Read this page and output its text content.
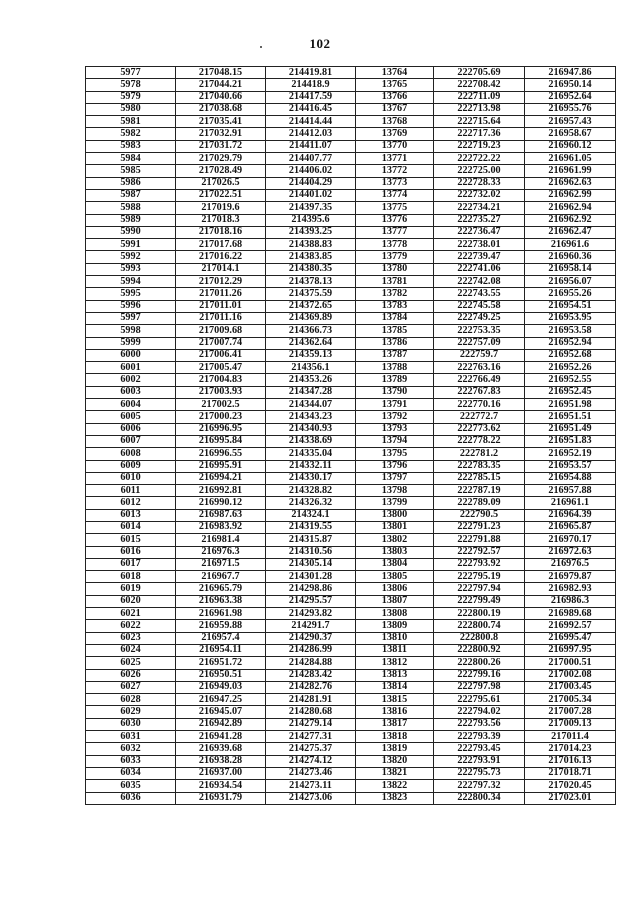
102
5977	217048.15	214419.81	13764	222705.69	216947.86
5978	217044.21	214418.9	13765	222708.42	216950.14
5979	217040.66	214417.59	13766	222711.09	216952.64
5980	217038.68	214416.45	13767	222713.98	216955.76
5981	217035.41	214414.44	13768	222715.64	216957.43
5982	217032.91	214412.03	13769	222717.36	216958.67
5983	217031.72	214411.07	13770	222719.23	216960.12
5984	217029.79	214407.77	13771	222722.22	216961.05
5985	217028.49	214406.02	13772	222725.00	216961.99
5986	217026.5	214404.29	13773	222728.33	216962.63
5987	217022.51	214401.02	13774	222732.02	216962.99
5988	217019.6	214397.35	13775	222734.21	216962.94
5989	217018.3	214395.6	13776	222735.27	216962.92
5990	217018.16	214393.25	13777	222736.47	216962.47
5991	217017.68	214388.83	13778	222738.01	216961.6
5992	217016.22	214383.85	13779	222739.47	216960.36
5993	217014.1	214380.35	13780	222741.06	216958.14
5994	217012.29	214378.13	13781	222742.08	216956.07
5995	217011.26	214375.59	13782	222743.55	216955.26
5996	217011.01	214372.65	13783	222745.58	216954.51
5997	217011.16	214369.89	13784	222749.25	216953.95
5998	217009.68	214366.73	13785	222753.35	216953.58
5999	217007.74	214362.64	13786	222757.09	216952.94
6000	217006.41	214359.13	13787	222759.7	216952.68
6001	217005.47	214356.1	13788	222763.16	216952.26
6002	217004.83	214353.26	13789	222766.49	216952.55
6003	217003.93	214347.28	13790	222767.83	216952.45
6004	217002.5	214344.07	13791	222770.16	216951.98
6005	217000.23	214343.23	13792	222772.7	216951.51
6006	216996.95	214340.93	13793	222773.62	216951.49
6007	216995.84	214338.69	13794	222778.22	216951.83
6008	216996.55	214335.04	13795	222781.2	216952.19
6009	216995.91	214332.11	13796	222783.35	216953.57
6010	216994.21	214330.17	13797	222785.15	216954.88
6011	216992.81	214328.82	13798	222787.19	216957.88
6012	216990.12	214326.32	13799	222789.09	216961.1
6013	216987.63	214324.1	13800	222790.5	216964.39
6014	216983.92	214319.55	13801	222791.23	216965.87
6015	216981.4	214315.87	13802	222791.88	216970.17
6016	216976.3	214310.56	13803	222792.57	216972.63
6017	216971.5	214305.14	13804	222793.92	216976.5
6018	216967.7	214301.28	13805	222795.19	216979.87
6019	216965.79	214298.86	13806	222797.94	216982.93
6020	216963.38	214295.57	13807	222799.49	216986.3
6021	216961.98	214293.82	13808	222800.19	216989.68
6022	216959.88	214291.7	13809	222800.74	216992.57
6023	216957.4	214290.37	13810	222800.8	216995.47
6024	216954.11	214286.99	13811	222800.92	216997.95
6025	216951.72	214284.88	13812	222800.26	217000.51
6026	216950.51	214283.42	13813	222799.16	217002.08
6027	216949.03	214282.76	13814	222797.98	217003.45
6028	216947.25	214281.91	13815	222795.61	217005.34
6029	216945.07	214280.68	13816	222794.02	217007.28
6030	216942.89	214279.14	13817	222793.56	217009.13
6031	216941.28	214277.31	13818	222793.39	217011.4
6032	216939.68	214275.37	13819	222793.45	217014.23
6033	216938.28	214274.12	13820	222793.91	217016.13
6034	216937.00	214273.46	13821	222795.73	217018.71
6035	216934.54	214273.11	13822	222797.32	217020.45
6036	216931.79	214273.06	13823	222800.34	217023.01
